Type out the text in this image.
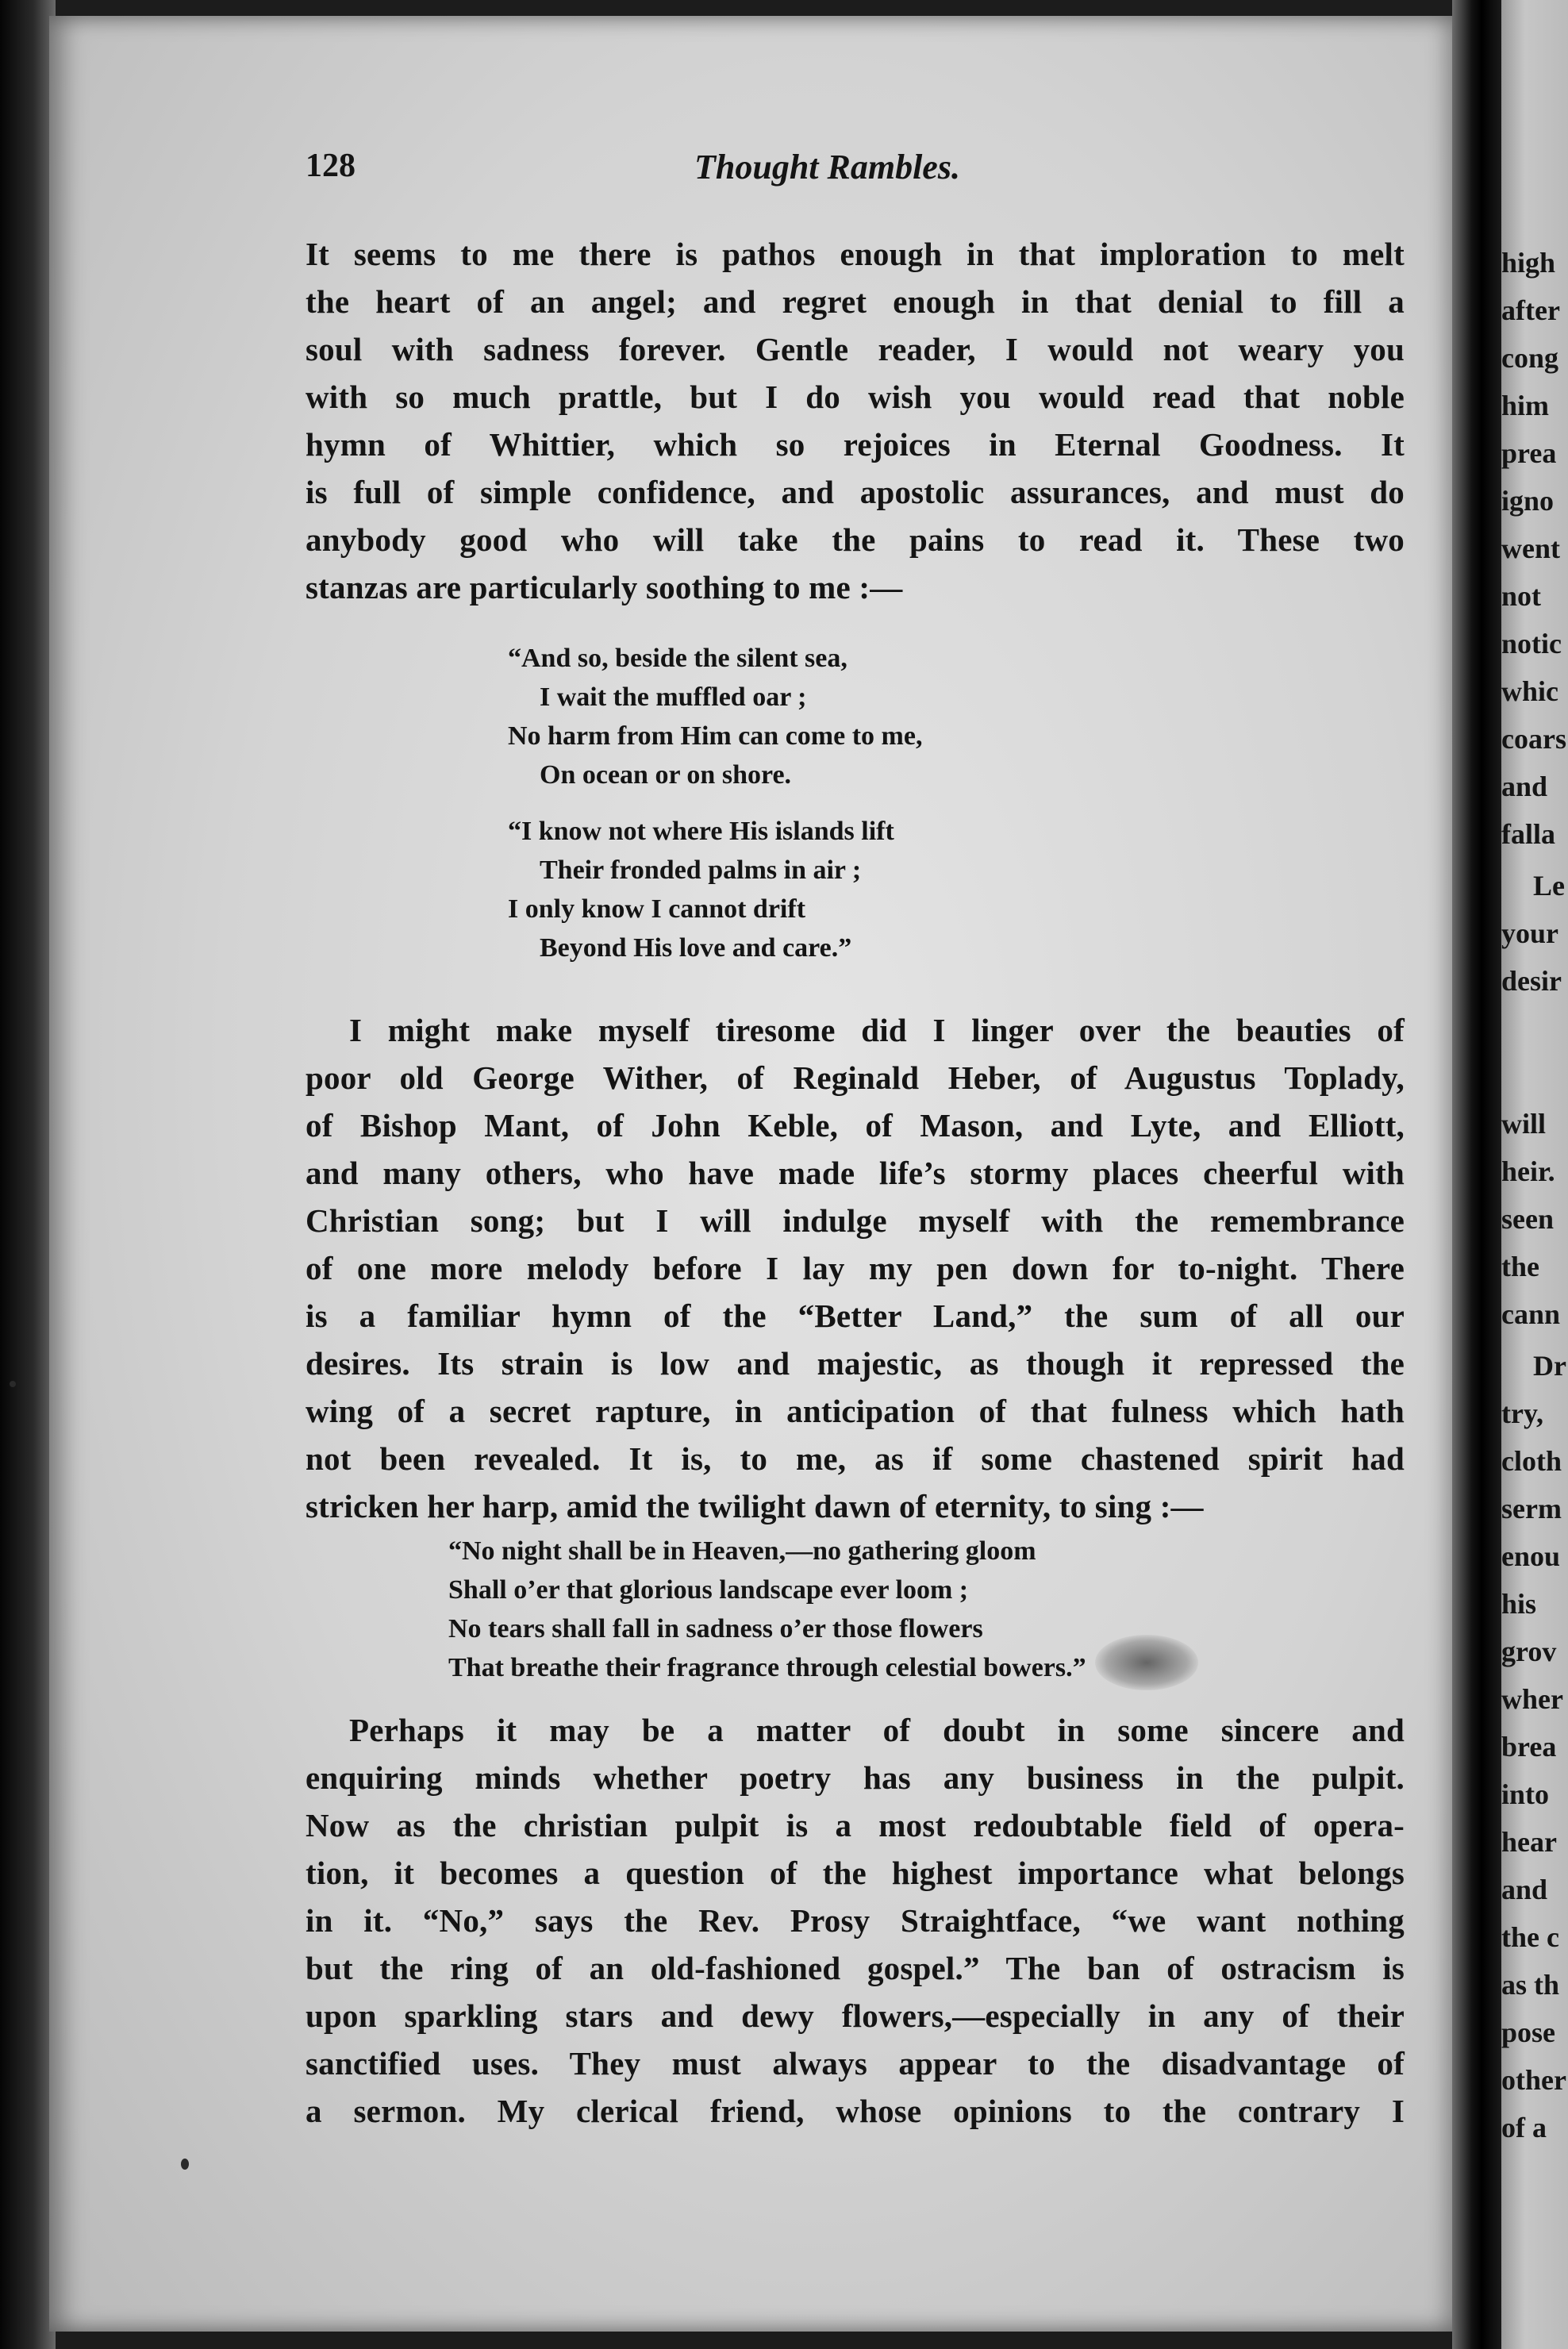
128	Thought Rambles.
It seems to me there is pathos enough in that imploration to melt
the heart of an angel; and regret enough in that denial to fill a
soul with sadness forever. Gentle reader, I would not weary you
with so much prattle, but I do wish you would read that noble
hymn of Whittier, which so rejoices in Eternal Goodness. It
is full of simple confidence, and apostolic assurances, and must do
anybody good who will take the pains to read it. These two
stanzas are particularly soothing to me :—
“And so, beside the silent sea,
I wait the muffled oar ;
No harm from Him can come to me,
On ocean or on shore.
“I know not where His islands lift
Their fronded palms in air ;
I only know I cannot drift
Beyond His love and care.”
I might make myself tiresome did I linger over the beauties of
poor old George Wither, of Reginald Heber, of Augustus Toplady,
of Bishop Mant, of John Keble, of Mason, and Lyte, and Elliott,
and many others, who have made life’s stormy places cheerful with
Christian song; but I will indulge myself with the remembrance
of one more melody before I lay my pen down for to-night. There
is a familiar hymn of the “Better Land,” the sum of all our
desires. Its strain is low and majestic, as though it repressed the
wing of a secret rapture, in anticipation of that fulness which hath
not been revealed. It is, to me, as if some chastened spirit had
stricken her harp, amid the twilight dawn of eternity, to sing :—
“No night shall be in Heaven,—no gathering gloom
Shall o’er that glorious landscape ever loom ;
No tears shall fall in sadness o’er those flowers
That breathe their fragrance through celestial bowers.”
Perhaps it may be a matter of doubt in some sincere and
enquiring minds whether poetry has any business in the pulpit.
Now as the christian pulpit is a most redoubtable field of opera-
tion, it becomes a question of the highest importance what belongs
in it. “No,” says the Rev. Prosy Straightface, “we want nothing
but the ring of an old-fashioned gospel.” The ban of ostracism is
upon sparkling stars and dewy flowers,—especially in any of their
sanctified uses. They must always appear to the disadvantage of
a sermon. My clerical friend, whose opinions to the contrary I
high
after
cong
him
prea
igno
went
not
notic
whic
coars
and
falla
Le
your
desir
will
heir.
seen
the
cann
Dr
try,
cloth
serm
enou
his
grov
wher
brea
into
hear
and
the c
as th
pose
other
of a
